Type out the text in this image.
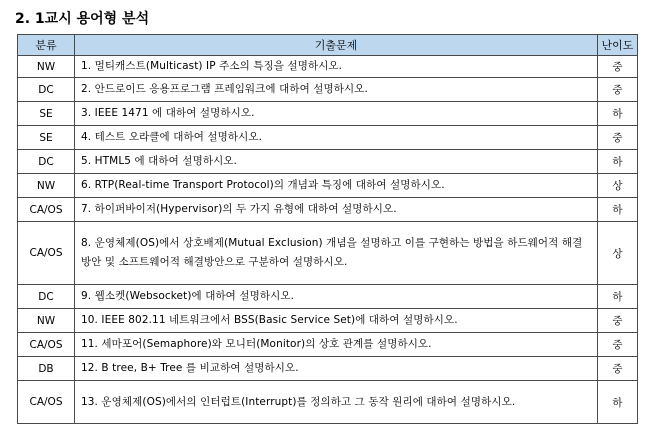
2. 1교시 용어형 분석
분류	기출문제	난이도
NW	1. 멀티캐스트(Multicast) IP 주소의 특징을 설명하시오.	중
DC	2. 안드로이드 응용프로그램 프레임워크에 대하여 설명하시오.	중
SE	3. IEEE 1471 에 대하여 설명하시오.	하
SE	4. 테스트 오라클에 대하여 설명하시오.	중
DC	5. HTML5 에 대하여 설명하시오.	하
NW	6. RTP(Real-time Transport Protocol)의 개념과 특징에 대하여 설명하시오.	상
CA/OS	7. 하이퍼바이저(Hypervisor)의 두 가지 유형에 대하여 설명하시오.	하
CA/OS	8. 운영체제(OS)에서 상호배제(Mutual Exclusion) 개념을 설명하고 이를 구현하는 방법을 하드웨어적 해결방안 및 소프트웨어적 해결방안으로 구분하여 설명하시오.	상
DC	9. 웹소켓(Websocket)에 대하여 설명하시오.	하
NW	10. IEEE 802.11 네트워크에서 BSS(Basic Service Set)에 대하여 설명하시오.	중
CA/OS	11. 세마포어(Semaphore)와 모니터(Monitor)의 상호 관계를 설명하시오.	중
DB	12. B tree, B+ Tree 를 비교하여 설명하시오.	중
CA/OS	13. 운영체제(OS)에서의 인터럽트(Interrupt)를 정의하고 그 동작 원리에 대하여 설명하시오.	하
